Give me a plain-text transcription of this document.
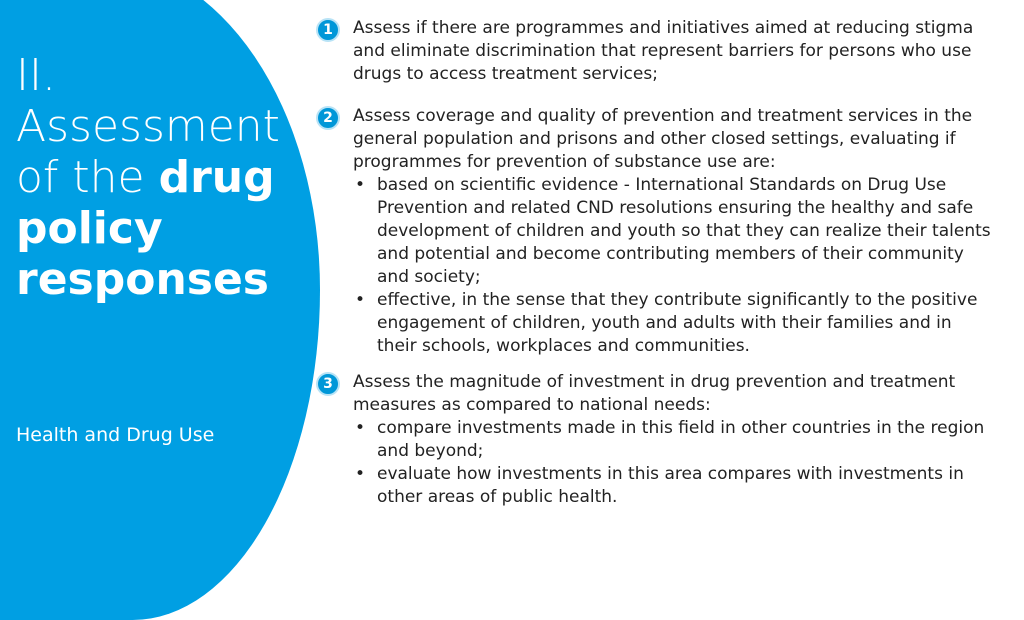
II.
Assessment
of the drug
policy
responses
Health and Drug Use
1	Assess if there are programmes and initiatives aimed at reducing stigma and eliminate discrimination that represent barriers for persons who use drugs to access treatment services;
2	Assess coverage and quality of prevention and treatment services in the general population and prisons and other closed settings, evaluating if programmes for prevention of substance use are:
• based on scientific evidence - International Standards on Drug Use Prevention and related CND resolutions ensuring the healthy and safe development of children and youth so that they can realize their talents and potential and become contributing members of their community and society;
• effective, in the sense that they contribute significantly to the positive engagement of children, youth and adults with their families and in their schools, workplaces and communities.
3	Assess the magnitude of investment in drug prevention and treatment measures as compared to national needs:
• compare investments made in this field in other countries in the region and beyond;
• evaluate how investments in this area compares with investments in other areas of public health.
